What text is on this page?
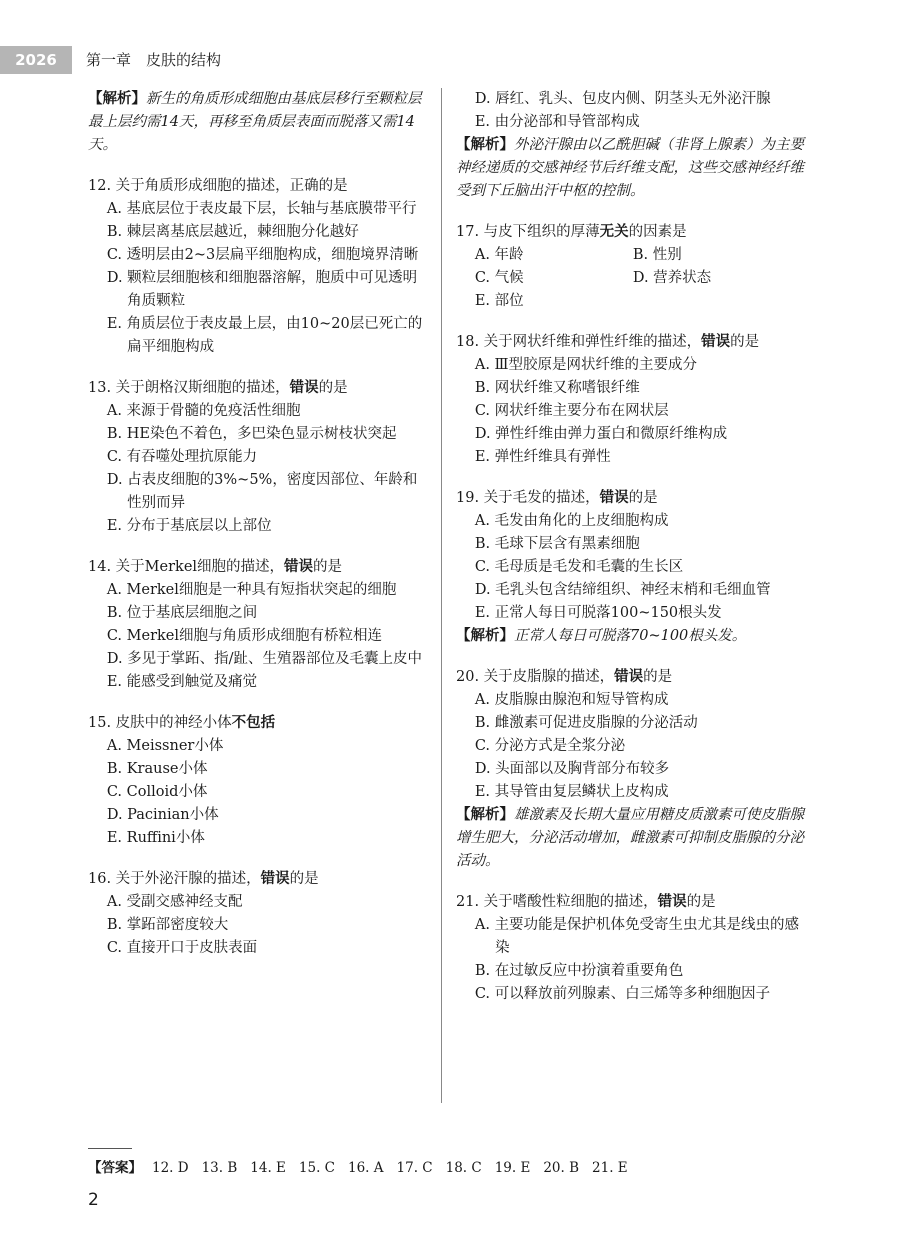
2026	第一章　皮肤的结构
【解析】新生的角质形成细胞由基底层移行至颗粒层最上层约需14天，再移至角质层表面而脱落又需14天。
12. 关于角质形成细胞的描述，正确的是
A. 基底层位于表皮最下层，长轴与基底膜带平行
B. 棘层离基底层越近，棘细胞分化越好
C. 透明层由2~3层扁平细胞构成，细胞境界清晰
D. 颗粒层细胞核和细胞器溶解，胞质中可见透明角质颗粒
E. 角质层位于表皮最上层，由10~20层已死亡的扁平细胞构成
13. 关于朗格汉斯细胞的描述，错误的是
A. 来源于骨髓的免疫活性细胞
B. HE染色不着色，多巴染色显示树枝状突起
C. 有吞噬处理抗原能力
D. 占表皮细胞的3%~5%，密度因部位、年龄和性别而异
E. 分布于基底层以上部位
14. 关于Merkel细胞的描述，错误的是
A. Merkel细胞是一种具有短指状突起的细胞
B. 位于基底层细胞之间
C. Merkel细胞与角质形成细胞有桥粒相连
D. 多见于掌跖、指/趾、生殖器部位及毛囊上皮中
E. 能感受到触觉及痛觉
15. 皮肤中的神经小体不包括
A. Meissner小体
B. Krause小体
C. Colloid小体
D. Pacinian小体
E. Ruffini小体
16. 关于外泌汗腺的描述，错误的是
A. 受副交感神经支配
B. 掌跖部密度较大
C. 直接开口于皮肤表面
D. 唇红、乳头、包皮内侧、阴茎头无外泌汗腺
E. 由分泌部和导管部构成
【解析】外泌汗腺由以乙酰胆碱（非肾上腺素）为主要神经递质的交感神经节后纤维支配，这些交感神经纤维受到下丘脑出汗中枢的控制。
17. 与皮下组织的厚薄无关的因素是
A. 年龄	B. 性别
C. 气候	D. 营养状态
E. 部位
18. 关于网状纤维和弹性纤维的描述，错误的是
A. Ⅲ型胶原是网状纤维的主要成分
B. 网状纤维又称嗜银纤维
C. 网状纤维主要分布在网状层
D. 弹性纤维由弹力蛋白和微原纤维构成
E. 弹性纤维具有弹性
19. 关于毛发的描述，错误的是
A. 毛发由角化的上皮细胞构成
B. 毛球下层含有黑素细胞
C. 毛母质是毛发和毛囊的生长区
D. 毛乳头包含结缔组织、神经末梢和毛细血管
E. 正常人每日可脱落100~150根头发
【解析】正常人每日可脱落70~100根头发。
20. 关于皮脂腺的描述，错误的是
A. 皮脂腺由腺泡和短导管构成
B. 雌激素可促进皮脂腺的分泌活动
C. 分泌方式是全浆分泌
D. 头面部以及胸背部分布较多
E. 其导管由复层鳞状上皮构成
【解析】雄激素及长期大量应用糖皮质激素可使皮脂腺增生肥大，分泌活动增加，雌激素可抑制皮脂腺的分泌活动。
21. 关于嗜酸性粒细胞的描述，错误的是
A. 主要功能是保护机体免受寄生虫尤其是线虫的感染
B. 在过敏反应中扮演着重要角色
C. 可以释放前列腺素、白三烯等多种细胞因子
【答案】 12. D 13. B 14. E 15. C 16. A 17. C 18. C 19. E 20. B 21. E
2
